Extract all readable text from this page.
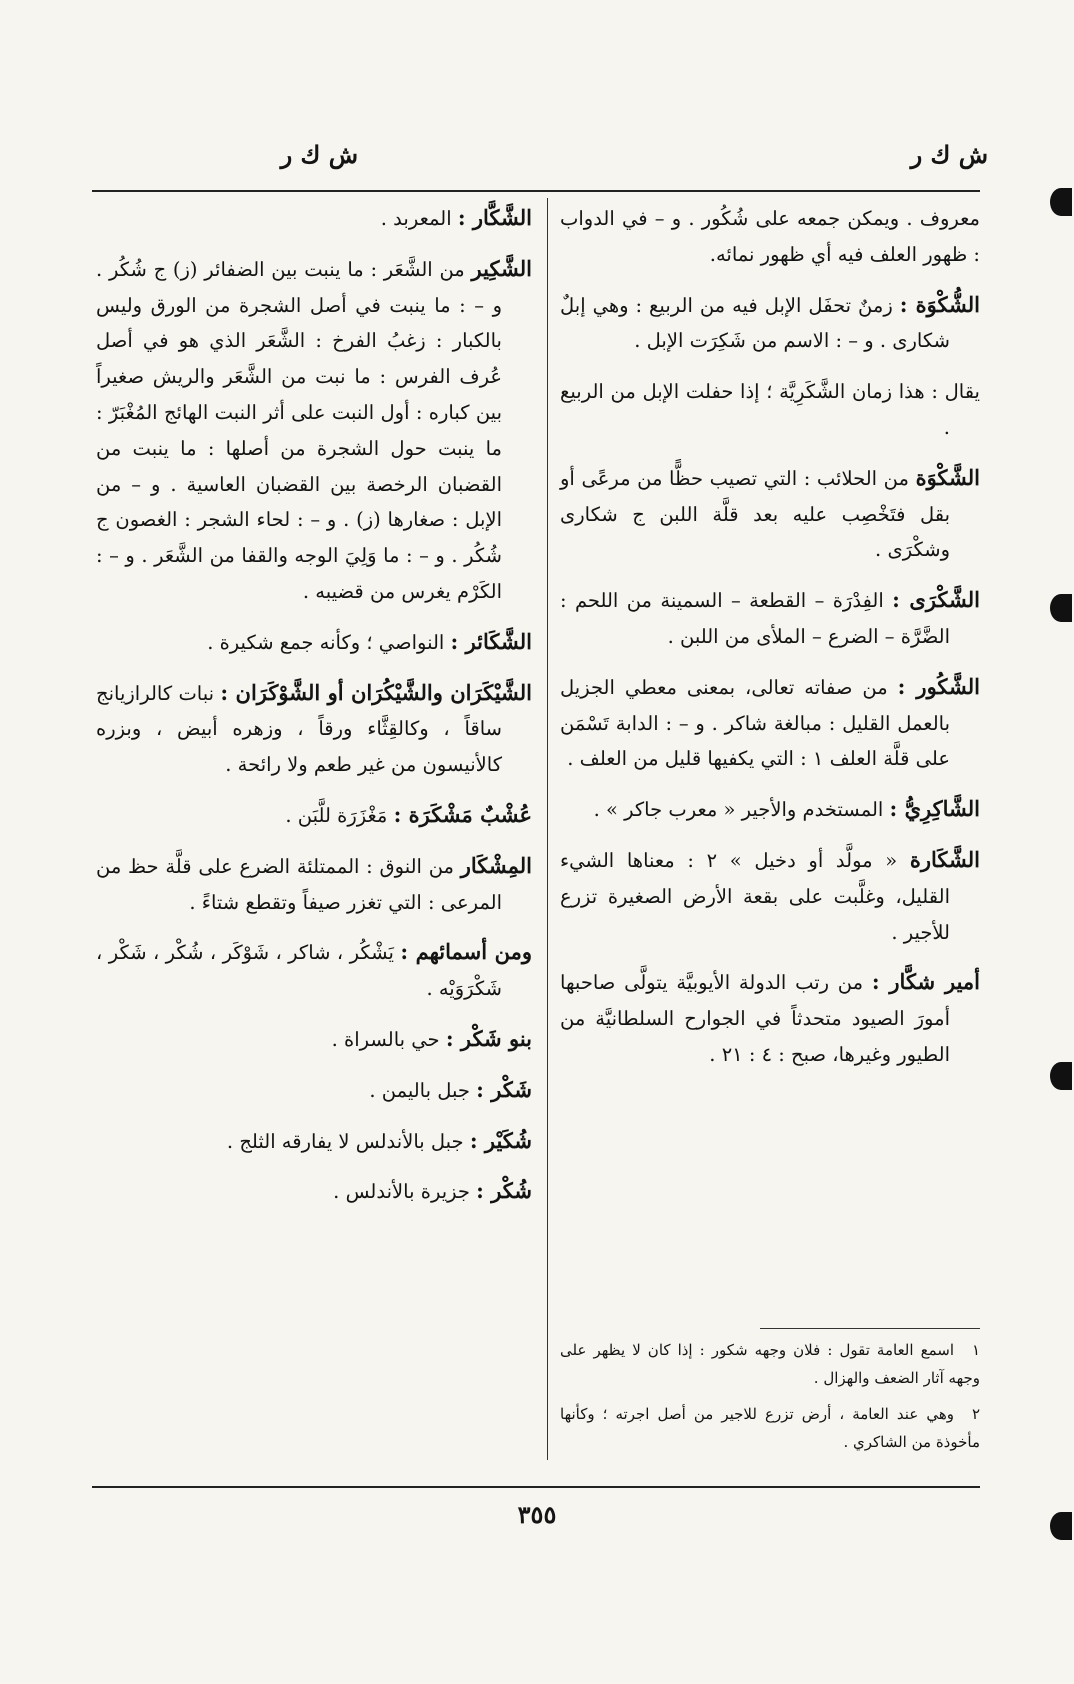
ش ك ر
ش ك ر

معروف . ويمكن جمعه على شُكُور . و – في الدواب : ظهور العلف فيه أي ظهور نمائه.

الشُّكْوَة : زمنٌ تحفَل الإبل فيه من الربيع : وهي إبلٌ شكارى . و – : الاسم من شَكِرَت الإبل .

يقال : هذا زمان الشَّكَرِيَّة ؛ إذا حفلت الإبل من الربيع .

الشَّكْوَة من الحلائب : التي تصيب حظًّا من مرعًى أو بقل فتَخْصِب عليه بعد قلَّة اللبن ج شكارى وشكْرَى .

الشَّكْرَى : الفِدْرَة – القطعة – السمينة من اللحم : الضَّرَّة – الضرع – الملأى من اللبن .

الشَّكُور : من صفاته تعالى، بمعنى معطي الجزيل بالعمل القليل : مبالغة شاكر . و – : الدابة تَسْمَن على قلَّة العلف ١ : التي يكفيها قليل من العلف .

الشَّاكِرِيُّ : المستخدم والأجير « معرب جاكر » .

الشَّكَارة « مولَّد أو دخيل » ٢ : معناها الشيء القليل، وغلَّبت على بقعة الأرض الصغيرة تزرع للأجير .

أمير شكَّار : من رتب الدولة الأيوبيَّة يتولَّى صاحبها أمورَ الصيود متحدثاً في الجوارح السلطانيَّة من الطيور وغيرها، صبح : ٤ : ٢١ .

الشَّكَّار : المعربد .

الشَّكِير من الشَّعَر : ما ينبت بين الضفائر (ز) ج شُكُر . و – : ما ينبت في أصل الشجرة من الورق وليس بالكبار : زغبُ الفرخ : الشَّعَر الذي هو في أصل عُرف الفرس : ما نبت من الشَّعَر والريش صغيراً بين كباره : أول النبت على أثر النبت الهائج المُغْبَرّ : ما ينبت حول الشجرة من أصلها : ما ينبت من القضبان الرخصة بين القضبان العاسية . و – من الإبل : صغارها (ز) . و – : لحاء الشجر : الغصون ج شُكُر . و – : ما وَلِيَ الوجه والقفا من الشَّعَر . و – : الكَرْم يغرس من قضيبه .

الشَّكَائر : النواصي ؛ وكأنه جمع شكيرة .

الشَّيْكَرَان والشَّيْكُرَان أو الشَّوْكَرَان : نبات كالرازيانج ساقاً ، وكالقِثَّاء ورقاً ، وزهره أبيض ، وبزره كالأنيسون من غير طعم ولا رائحة .

عُشْبٌ مَشْكَرَة : مَغْزَرَة للَّبَن .

المِشْكَار من النوق : الممتلئة الضرع على قلَّة حظ من المرعى : التي تغزر صيفاً وتقطع شتاءً .

ومن أسمائهم : يَشْكُر ، شاكر ، شَوْكَر ، شُكْر ، شَكْر ، شَكْرَوَيْه .

بنو شَكْر : حي بالسراة .

شَكْر : جبل باليمن .

شُكَيْر : جبل بالأندلس لا يفارقه الثلج .

شُكْر : جزيرة بالأندلس .

١اسمع العامة تقول : فلان وجهه شكور : إذا كان لا يظهر على وجهه آثار الضعف والهزال .

٢وهي عند العامة ، أرض تزرع للاجير من أصل اجرته ؛ وكأنها مأخوذة من الشاكري .

٣٥٥
